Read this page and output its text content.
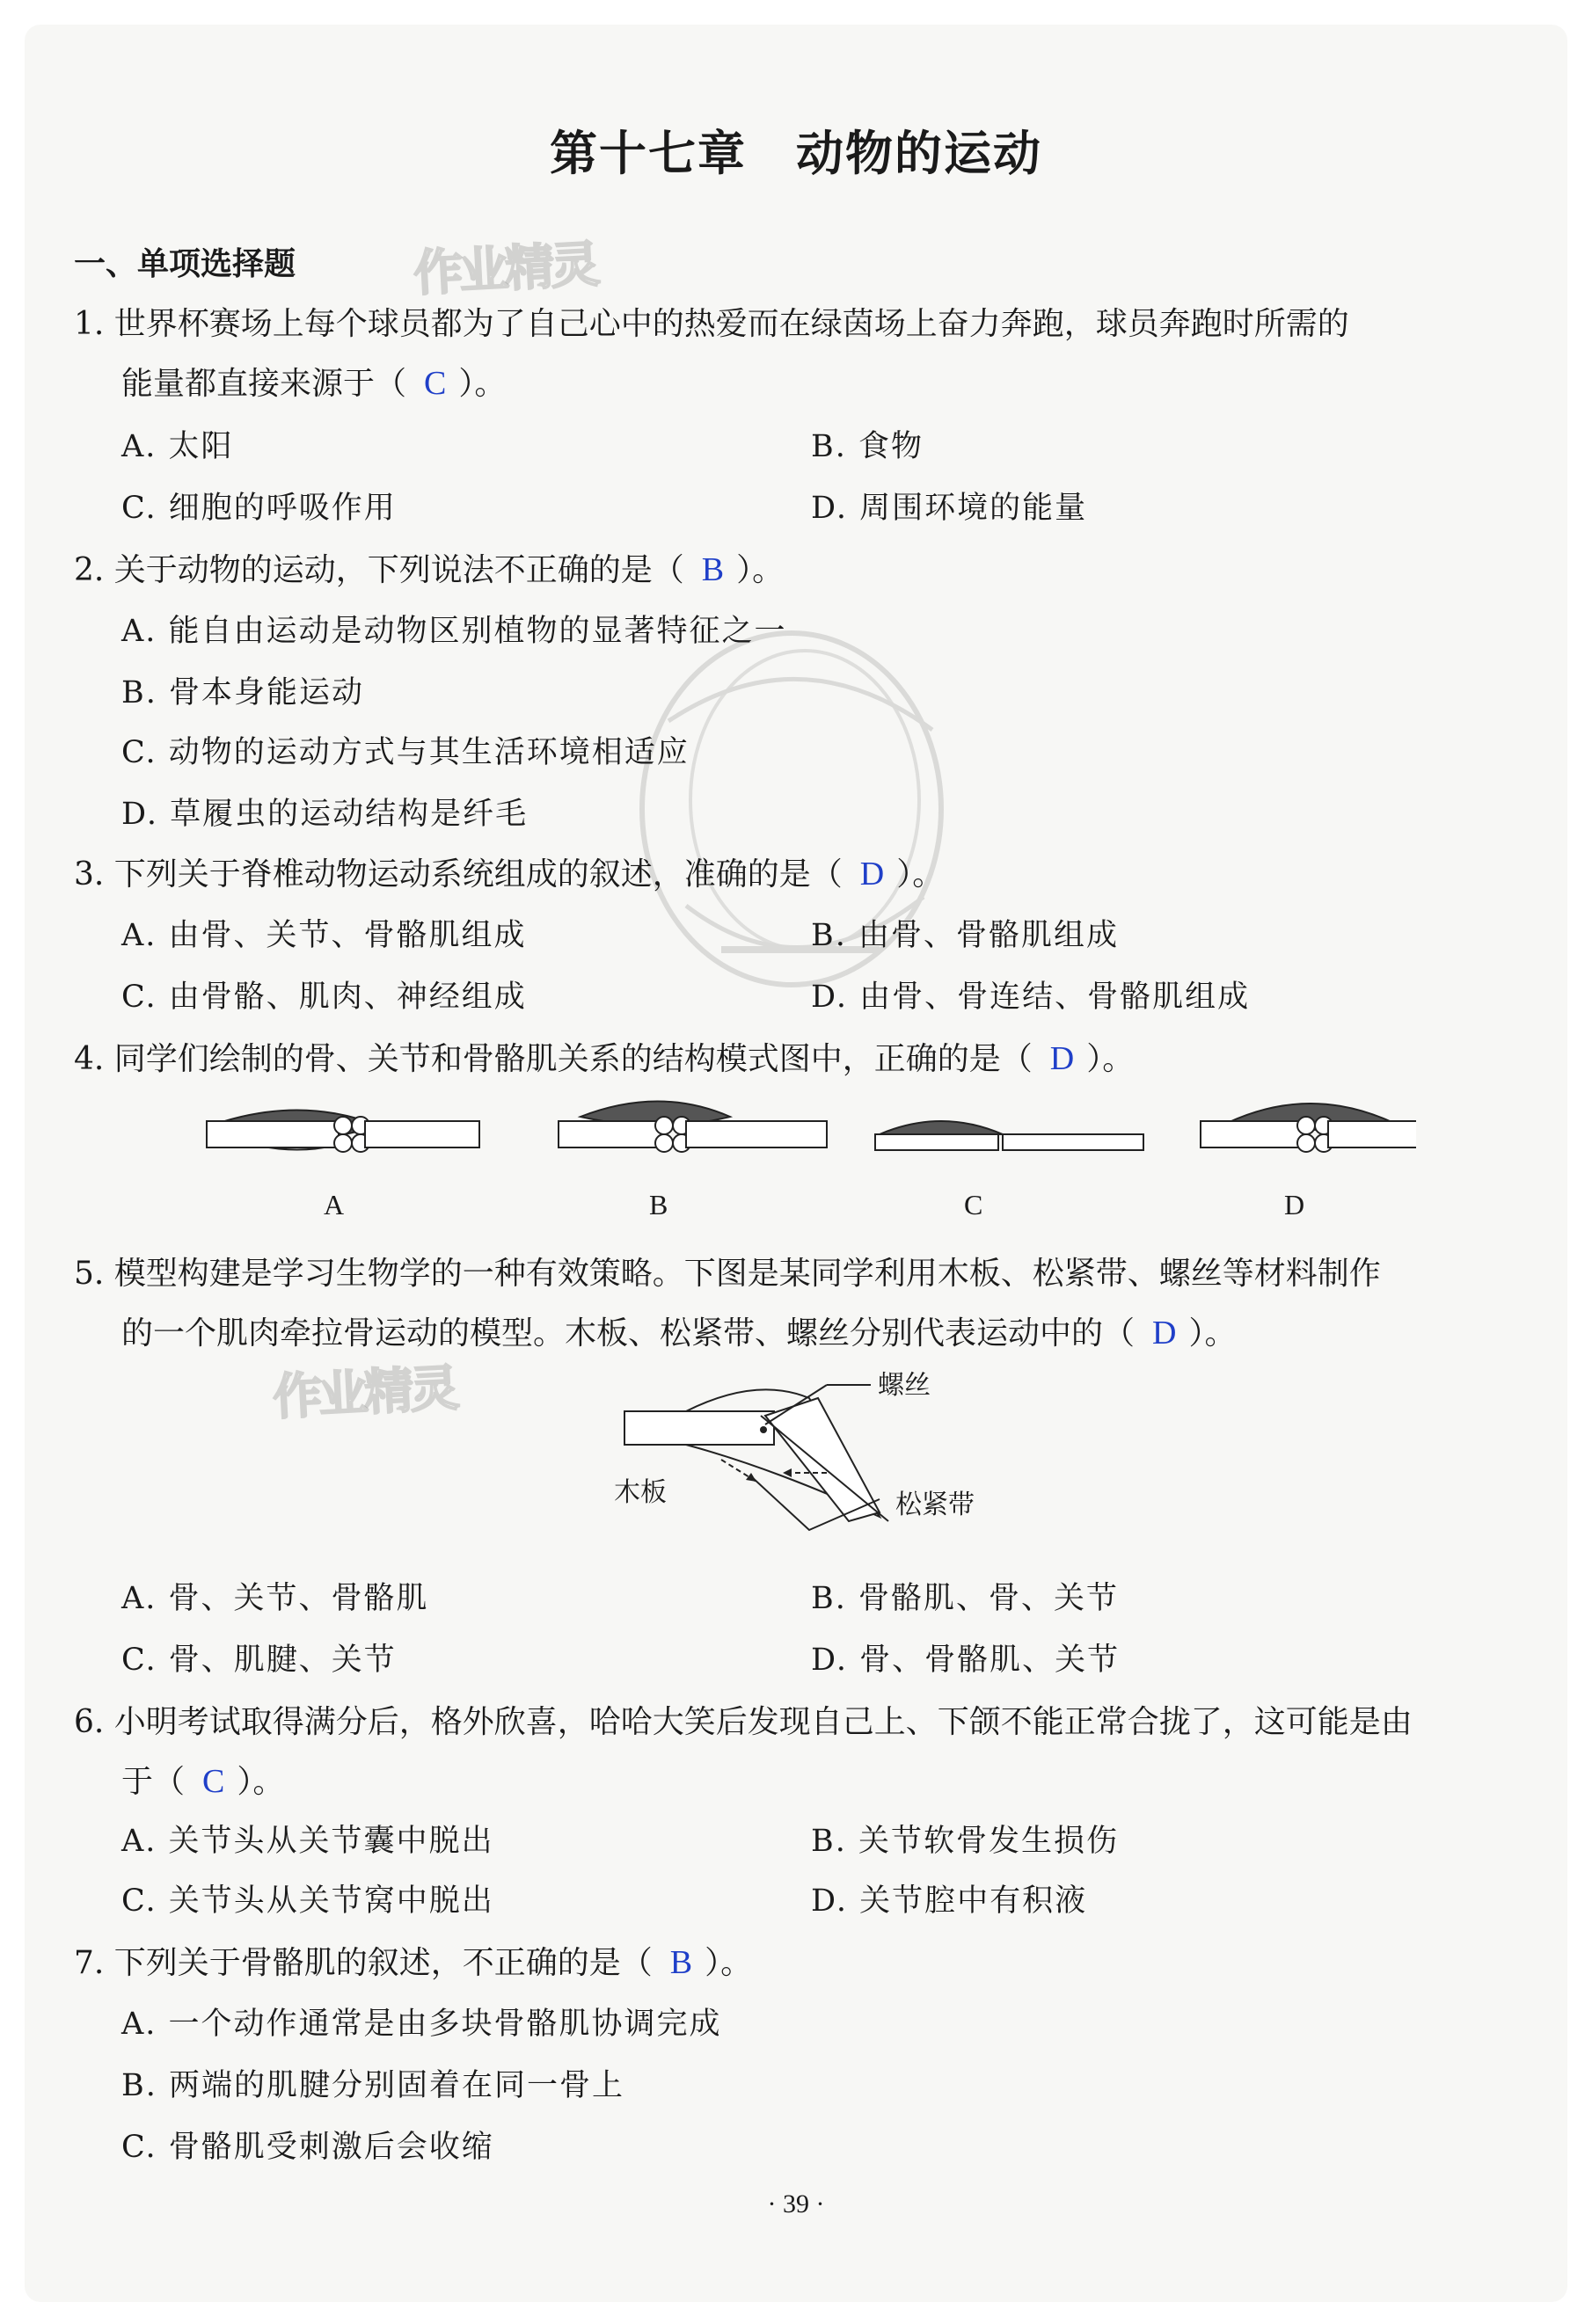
第十七章　动物的运动
一、单项选择题 作业精灵
作业精灵
1. 世界杯赛场上每个球员都为了自己心中的热爱而在绿茵场上奋力奔跑，球员奔跑时所需的
能量都直接来源于（ C ）。
A. 太阳	B. 食物
C. 细胞的呼吸作用	D. 周围环境的能量
2. 关于动物的运动，下列说法不正确的是（ B ）。
A. 能自由运动是动物区别植物的显著特征之一
B. 骨本身能运动
C. 动物的运动方式与其生活环境相适应
D. 草履虫的运动结构是纤毛
3. 下列关于脊椎动物运动系统组成的叙述，准确的是（ D ）。
A. 由骨、关节、骨骼肌组成	B. 由骨、骨骼肌组成
C. 由骨骼、肌肉、神经组成	D. 由骨、骨连结、骨骼肌组成
4. 同学们绘制的骨、关节和骨骼肌关系的结构模式图中，正确的是（ D ）。
A	B	C	D
5. 模型构建是学习生物学的一种有效策略。下图是某同学利用木板、松紧带、螺丝等材料制作
的一个肌肉牵拉骨运动的模型。木板、松紧带、螺丝分别代表运动中的（ D ）。
螺丝
木板	松紧带
A. 骨、关节、骨骼肌	B. 骨骼肌、骨、关节
C. 骨、肌腱、关节	D. 骨、骨骼肌、关节
6. 小明考试取得满分后，格外欣喜，哈哈大笑后发现自己上、下颌不能正常合拢了，这可能是由
于（ C ）。
A. 关节头从关节囊中脱出	B. 关节软骨发生损伤
C. 关节头从关节窝中脱出	D. 关节腔中有积液
7. 下列关于骨骼肌的叙述，不正确的是（ B ）。
A. 一个动作通常是由多块骨骼肌协调完成
B. 两端的肌腱分别固着在同一骨上
C. 骨骼肌受刺激后会收缩
· 39 ·
